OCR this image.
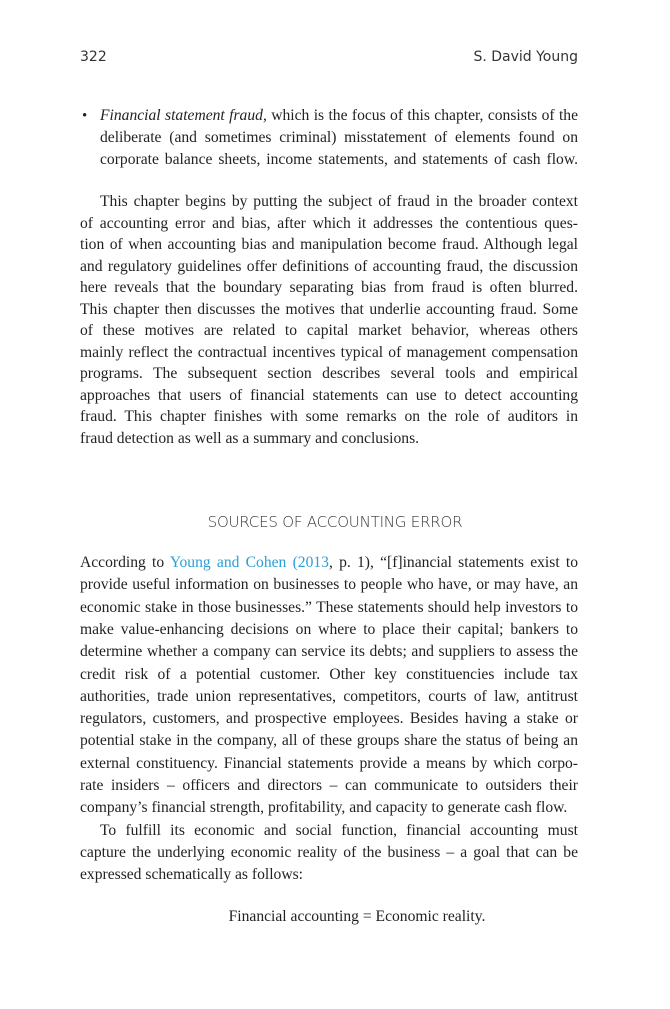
322	S. David Young
• Financial statement fraud, which is the focus of this chapter, consists of the
deliberate (and sometimes criminal) misstatement of elements found on
corporate balance sheets, income statements, and statements of cash flow.
This chapter begins by putting the subject of fraud in the broader context
of accounting error and bias, after which it addresses the contentious ques-
tion of when accounting bias and manipulation become fraud. Although legal
and regulatory guidelines offer definitions of accounting fraud, the discussion
here reveals that the boundary separating bias from fraud is often blurred.
This chapter then discusses the motives that underlie accounting fraud. Some
of these motives are related to capital market behavior, whereas others
mainly reflect the contractual incentives typical of management compensation
programs. The subsequent section describes several tools and empirical
approaches that users of financial statements can use to detect accounting
fraud. This chapter finishes with some remarks on the role of auditors in
fraud detection as well as a summary and conclusions.
SOURCES OF ACCOUNTING ERROR
According to Young and Cohen (2013, p. 1), “[f]inancial statements exist to
provide useful information on businesses to people who have, or may have, an
economic stake in those businesses.” These statements should help investors to
make value-enhancing decisions on where to place their capital; bankers to
determine whether a company can service its debts; and suppliers to assess the
credit risk of a potential customer. Other key constituencies include tax
authorities, trade union representatives, competitors, courts of law, antitrust
regulators, customers, and prospective employees. Besides having a stake or
potential stake in the company, all of these groups share the status of being an
external constituency. Financial statements provide a means by which corpo-
rate insiders – officers and directors – can communicate to outsiders their
company’s financial strength, profitability, and capacity to generate cash flow.
To fulfill its economic and social function, financial accounting must
capture the underlying economic reality of the business – a goal that can be
expressed schematically as follows:
Financial accounting = Economic reality.
